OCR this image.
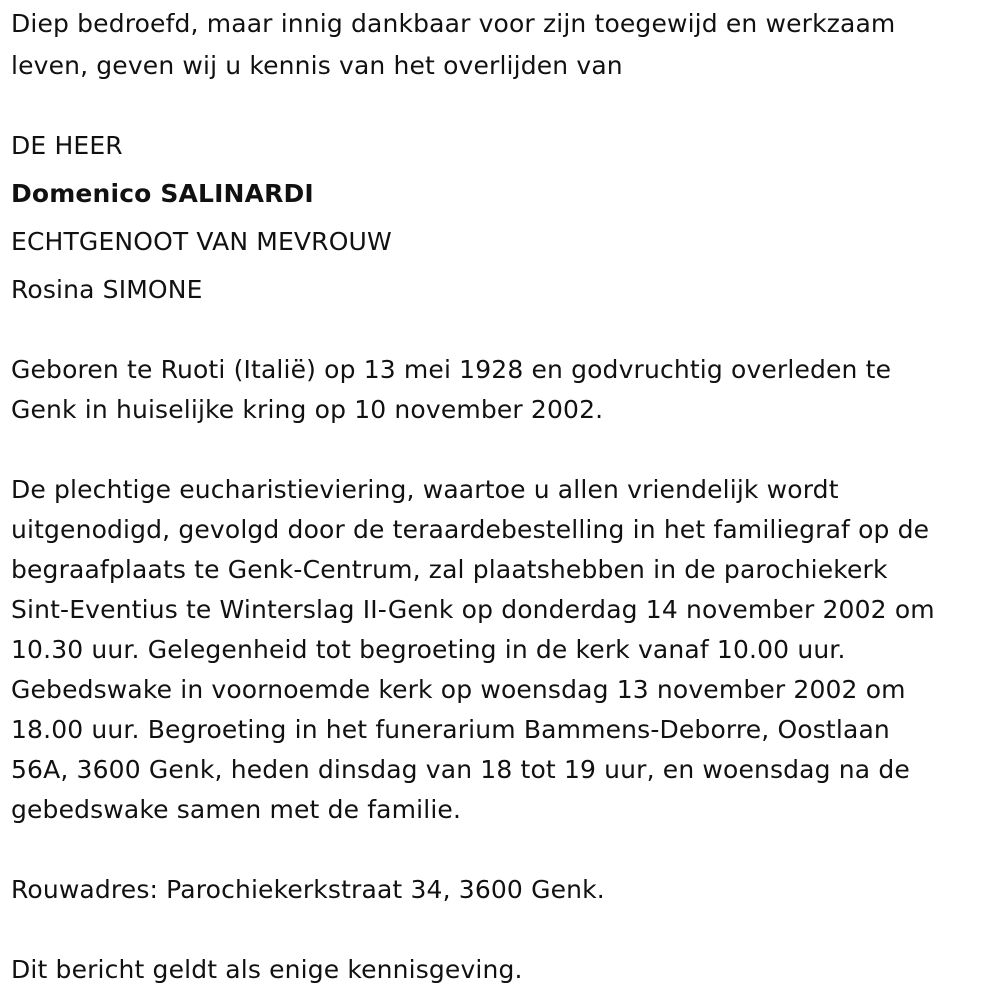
Diep bedroefd, maar innig dankbaar voor zijn toegewijd en werkzaam
leven, geven wij u kennis van het overlijden van
DE HEER
Domenico SALINARDI
ECHTGENOOT VAN MEVROUW
Rosina SIMONE
Geboren te Ruoti (Italië) op 13 mei 1928 en godvruchtig overleden te
Genk in huiselijke kring op 10 november 2002.
De plechtige eucharistieviering, waartoe u allen vriendelijk wordt
uitgenodigd, gevolgd door de teraardebestelling in het familiegraf op de
begraafplaats te Genk-Centrum, zal plaatshebben in de parochiekerk
Sint-Eventius te Winterslag II-Genk op donderdag 14 november 2002 om
10.30 uur. Gelegenheid tot begroeting in de kerk vanaf 10.00 uur.
Gebedswake in voornoemde kerk op woensdag 13 november 2002 om
18.00 uur. Begroeting in het funerarium Bammens-Deborre, Oostlaan
56A, 3600 Genk, heden dinsdag van 18 tot 19 uur, en woensdag na de
gebedswake samen met de familie.
Rouwadres: Parochiekerkstraat 34, 3600 Genk.
Dit bericht geldt als enige kennisgeving.
